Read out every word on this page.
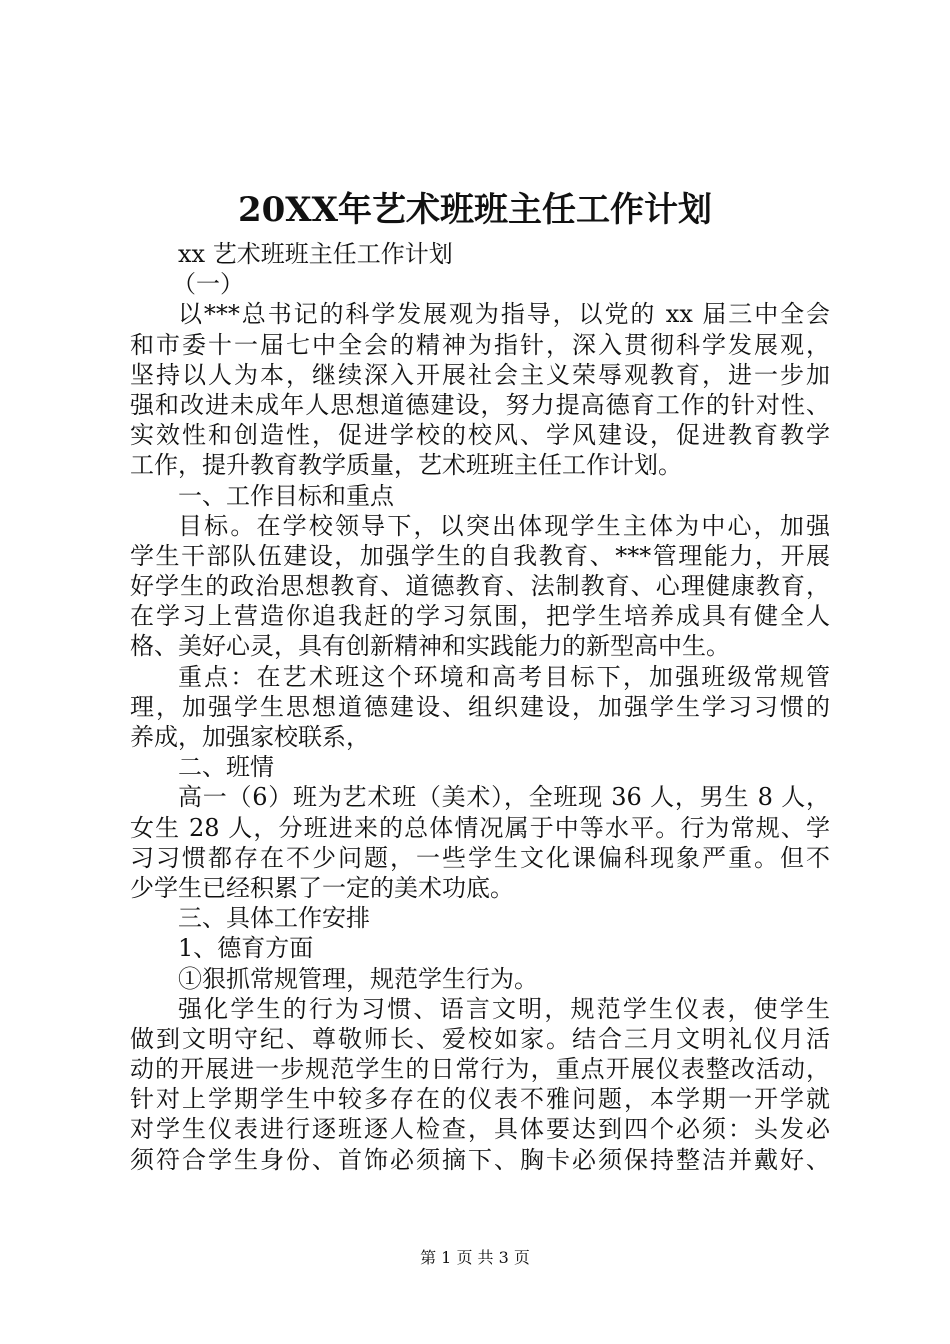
20XX年艺术班班主任工作计划
xx 艺术班班主任工作计划
（一）
以***总书记的科学发展观为指导，以党的 xx 届三中全会
和市委十一届七中全会的精神为指针，深入贯彻科学发展观，
坚持以人为本，继续深入开展社会主义荣辱观教育，进一步加
强和改进未成年人思想道德建设，努力提高德育工作的针对性、
实效性和创造性，促进学校的校风、学风建设，促进教育教学
工作，提升教育教学质量，艺术班班主任工作计划。
一、工作目标和重点
目标。在学校领导下，以突出体现学生主体为中心，加强
学生干部队伍建设，加强学生的自我教育、***管理能力，开展
好学生的政治思想教育、道德教育、法制教育、心理健康教育，
在学习上营造你追我赶的学习氛围，把学生培养成具有健全人
格、美好心灵，具有创新精神和实践能力的新型高中生。
重点：在艺术班这个环境和高考目标下，加强班级常规管
理，加强学生思想道德建设、组织建设，加强学生学习习惯的
养成，加强家校联系，
二、班情
高一（6）班为艺术班（美术），全班现 36 人，男生 8 人，
女生 28 人，分班进来的总体情况属于中等水平。行为常规、学
习习惯都存在不少问题，一些学生文化课偏科现象严重。但不
少学生已经积累了一定的美术功底。
三、具体工作安排
1、德育方面
①狠抓常规管理，规范学生行为。
强化学生的行为习惯、语言文明，规范学生仪表，使学生
做到文明守纪、尊敬师长、爱校如家。结合三月文明礼仪月活
动的开展进一步规范学生的日常行为，重点开展仪表整改活动，
针对上学期学生中较多存在的仪表不雅问题，本学期一开学就
对学生仪表进行逐班逐人检查，具体要达到四个必须：头发必
须符合学生身份、首饰必须摘下、胸卡必须保持整洁并戴好、
第 1 页 共 3 页
